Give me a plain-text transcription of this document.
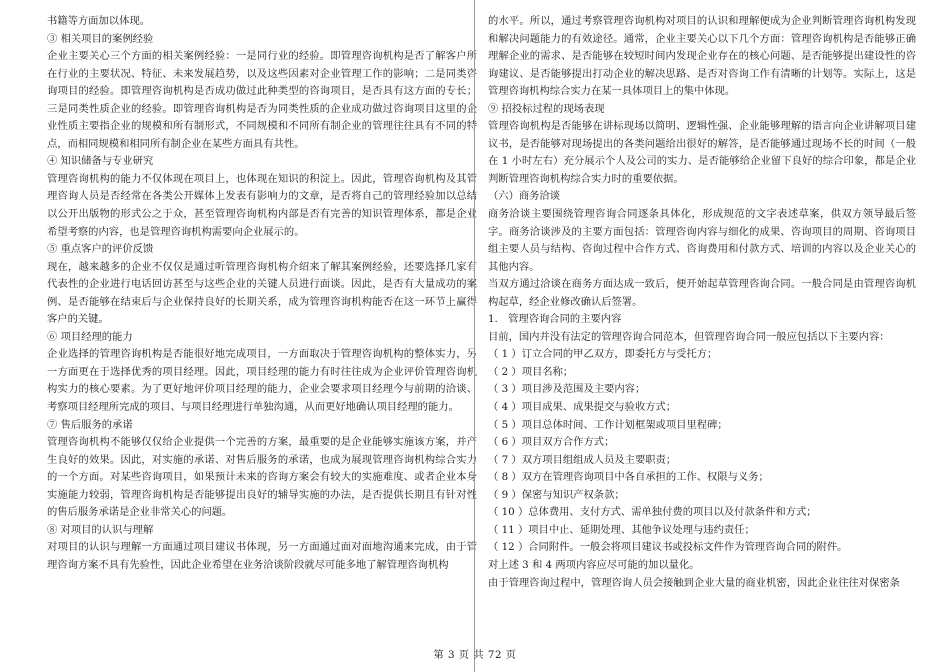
书籍等方面加以体现。

③ 相关项目的案例经验

企业主要关心三个方面的相关案例经验：一是同行业的经验。即管理咨询机构是否了解客户所在行业的主要状况、特征、未来发展趋势，以及这些因素对企业管理工作的影响；二是同类咨询项目的经验。即管理咨询机构是否成功做过此种类型的咨询项目，是否具有这方面的专长；三是同类性质企业的经验。即管理咨询机构是否为同类性质的企业成功做过咨询项目这里的企业性质主要指企业的规模和所有制形式，不同规模和不同所有制企业的管理往往具有不同的特点，而相同规模和相同所有制企业在某些方面具有共性。

④ 知识储备与专业研究

管理咨询机构的能力不仅体现在项目上，也体现在知识的积淀上。因此，管理咨询机构及其管理咨询人员是否经常在各类公开媒体上发表有影响力的文章，是否将自己的管理经验加以总结以公开出版物的形式公之于众，甚至管理咨询机构内部是否有完善的知识管理体系，都是企业希望考察的内容，也是管理咨询机构需要向企业展示的。

⑤ 重点客户的评价反馈

现在，越来越多的企业不仅仅是通过听管理咨询机构介绍来了解其案例经验，还要选择几家有代表性的企业进行电话回访甚至与这些企业的关键人员进行面谈。因此，是否有大量成功的案例、是否能够在结束后与企业保持良好的长期关系，成为管理咨询机构能否在这一环节上赢得客户的关键。

⑥ 项目经理的能力

企业选择的管理咨询机构是否能很好地完成项目，一方面取决于管理咨询机构的整体实力，另一方面更在于选择优秀的项目经理。因此，项目经理的能力有时往往成为企业评价管理咨询机构实力的核心要素。为了更好地评价项目经理的能力，企业会要求项目经理今与前期的洽谈、考察项目经理所完成的项目、与项目经理进行单独沟通，从而更好地确认项目经理的能力。

⑦ 售后服务的承诺

管理咨询机构不能够仅仅给企业提供一个完善的方案，最重要的是企业能够实施该方案，并产生良好的效果。因此，对实施的承诺、对售后服务的承诺，也成为展现管理咨询机构综合实力的一个方面。对某些咨询项目，如果预计未来的咨询方案会有较大的实施难度、或者企业本身实施能力较弱，管理咨询机构是否能够提出良好的辅导实施的办法，是否提供长期且有针对性的售后服务承诺是企业非常关心的问题。

⑧ 对项目的认识与理解

对项目的认识与理解一方面通过项目建议书体现，另一方面通过面对面地沟通来完成，由于管理咨询方案不具有先验性，因此企业希望在业务洽谈阶段就尽可能多地了解管理咨询机构

的水平。所以，通过考察管理咨询机构对项目的认识和理解便成为企业判断管理咨询机构发现和解决问题能力的有效途径。通常，企业主要关心以下几个方面：管理咨询机构是否能够正确理解企业的需求、是否能够在较短时间内发现企业存在的核心问题、是否能够提出建设性的咨询建议、是否能够提出打动企业的解决思路、是否对咨询工作有清晰的计划等。实际上，这是管理咨询机构综合实力在某一具体项目上的集中体现。

⑨ 招投标过程的现场表现

管理咨询机构是否能够在讲标现场以简明、逻辑性强、企业能够理解的语言向企业讲解项目建议书，是否能够对现场提出的各类问题给出很好的解答，是否能够通过现场不长的时间（一般在 1 小时左右）充分展示个人及公司的实力、是否能够给企业留下良好的综合印象，都是企业判断管理咨询机构综合实力时的重要依据。

（六）商务洽谈

商务洽谈主要围绕管理咨询合同逐条具体化，形成规范的文字表述草案，供双方领导最后签字。商务洽谈涉及的主要方面包括：管理咨询内容与细化的成果、咨询项目的周期、咨询项目组主要人员与结构、咨询过程中合作方式、咨询费用和付款方式、培训的内容以及企业关心的其他内容。

当双方通过洽谈在商务方面达成一致后，便开始起草管理咨询合同。一般合同是由管理咨询机构起草，经企业修改确认后签署。

1.　管理咨询合同的主要内容

目前，国内并没有法定的管理咨询合同范本，但管理咨询合同一般应包括以下主要内容：

（ 1 ）订立合同的甲乙双方，即委托方与受托方；

（ 2 ）项目名称；

（ 3 ）项目涉及范围及主要内容；

（ 4 ）项目成果、成果提交与验收方式；

（ 5 ）项目总体时间、工作计划框架或项目里程碑；

（ 6 ）项目双方合作方式；

（ 7 ）双方项目组组成人员及主要职责；

（ 8 ）双方在管理咨询项目中各自承担的工作、权限与义务；

（ 9 ）保密与知识产权条款；

（ 10 ）总体费用、支付方式、需单独付费的项目以及付款条件和方式；

（ 11 ）项目中止、延期处理、其他争议处理与违约责任；

（ 12 ）合同附件。一般会将项目建议书或投标文件作为管理咨询合同的附件。

对上述 3 和 4 两项内容应尽可能的加以量化。

由于管理咨询过程中，管理咨询人员会接触到企业大量的商业机密，因此企业往往对保密条

第 3 页 共 72 页
